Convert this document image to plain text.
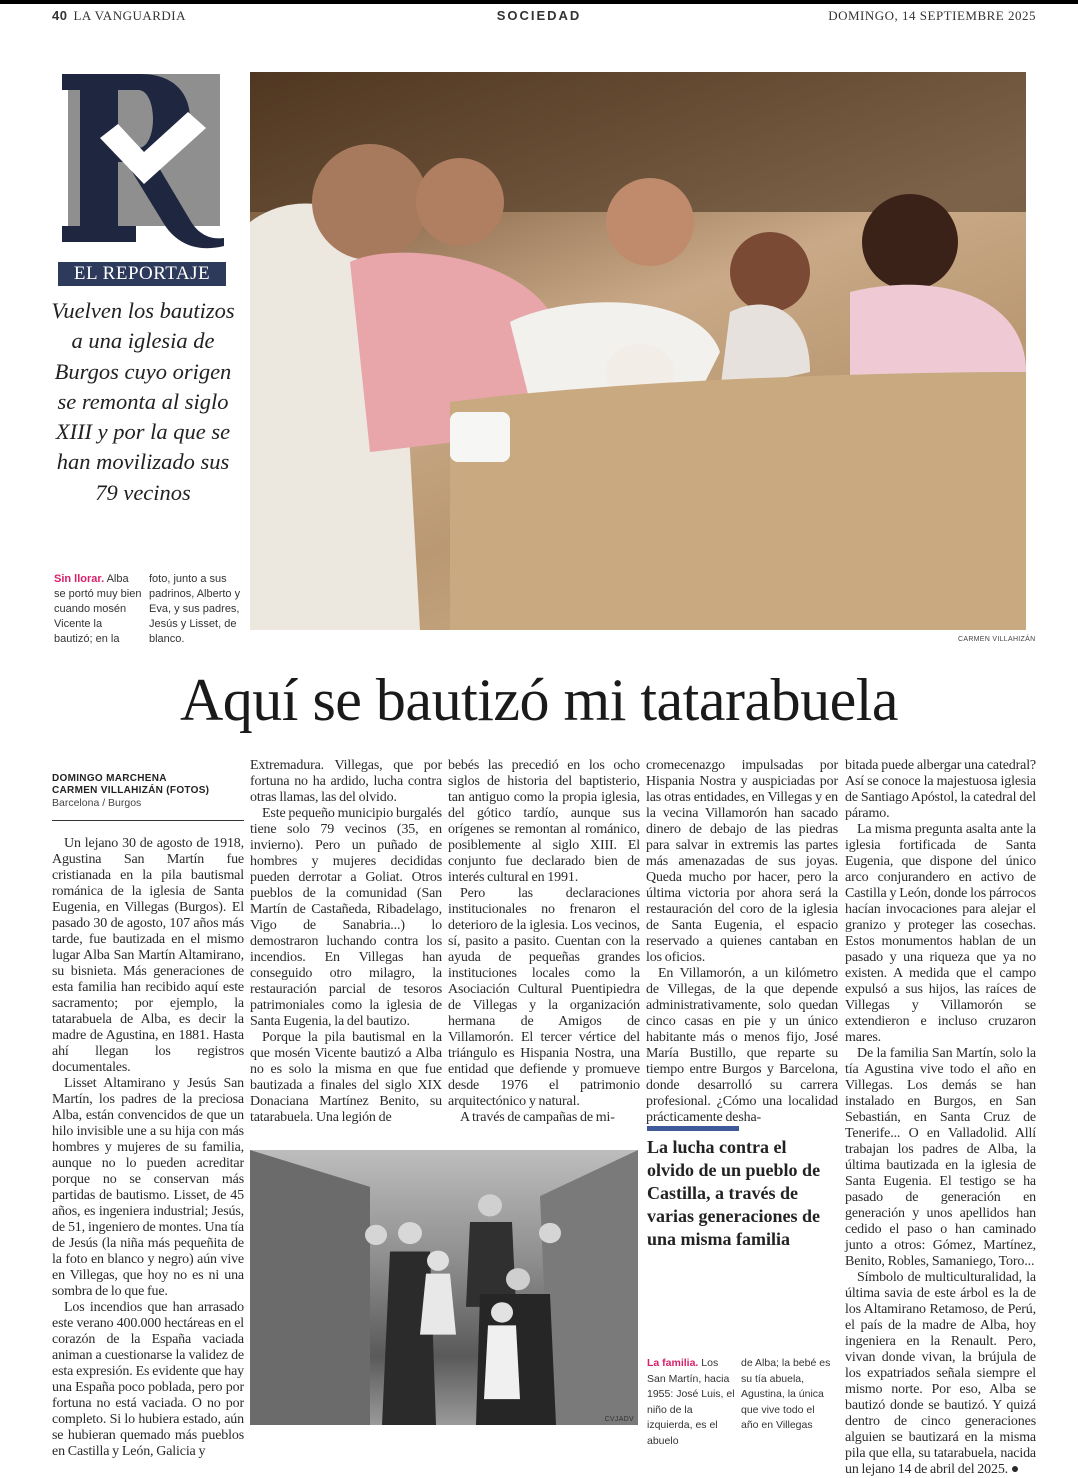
40 LA VANGUARDIA	SOCIEDAD	DOMINGO, 14 SEPTIEMBRE 2025
EL REPORTAJE
Vuelven los bautizos a una iglesia de Burgos cuyo origen se remonta al siglo XIII y por la que se han movilizado sus 79 vecinos
CARMEN VILLAHIZÁN
Sin llorar. Alba se portó muy bien cuando mosén Vicente la bautizó; en la
foto, junto a sus padrinos, Alberto y Eva, y sus padres, Jesús y Lisset, de blanco.
Aquí se bautizó mi tatarabuela
DOMINGO MARCHENA
CARMEN VILLAHIZÁN (FOTOS)
Barcelona / Burgos

Un lejano 30 de agosto de 1918, Agustina San Martín fue cristianada en la pila bautismal románica de la iglesia de Santa Eugenia, en Villegas (Burgos). El pasado 30 de agosto, 107 años más tarde, fue bautizada en el mismo lugar Alba San Martín Altamirano, su bisnieta. Más generaciones de esta familia han recibido aquí este sacramento; por ejemplo, la tatarabuela de Alba, es decir la madre de Agustina, en 1881. Hasta ahí llegan los registros documentales.

Lisset Altamirano y Jesús San Martín, los padres de la preciosa Alba, están convencidos de que un hilo invisible une a su hija con más hombres y mujeres de su familia, aunque no lo pueden acreditar porque no se conservan más partidas de bautismo. Lisset, de 45 años, es ingeniera industrial; Jesús, de 51, ingeniero de montes. Una tía de Jesús (la niña más pequeñita de la foto en blanco y negro) aún vive en Villegas, que hoy no es ni una sombra de lo que fue.

Los incendios que han arrasado este verano 400.000 hectáreas en el corazón de la España vaciada animan a cuestionarse la validez de esta expresión. Es evidente que hay una España poco poblada, pero por fortuna no está vaciada. O no por completo. Si lo hubiera estado, aún se hubieran quemado más pueblos en Castilla y León, Galicia y

Extremadura. Villegas, que por fortuna no ha ardido, lucha contra otras llamas, las del olvido.

Este pequeño municipio burgalés tiene solo 79 vecinos (35, en invierno). Pero un puñado de hombres y mujeres decididas pueden derrotar a Goliat. Otros pueblos de la comunidad (San Martín de Castañeda, Ribadelago, Vigo de Sanabria...) lo demostraron luchando contra los incendios. En Villegas han conseguido otro milagro, la restauración parcial de tesoros patrimoniales como la iglesia de Santa Eugenia, la del bautizo.

Porque la pila bautismal en la que mosén Vicente bautizó a Alba no es solo la misma en que fue bautizada a finales del siglo XIX Donaciana Martínez Benito, su tatarabuela. Una legión de

bebés las precedió en los ocho siglos de historia del baptisterio, tan antiguo como la propia iglesia, del gótico tardío, aunque sus orígenes se remontan al románico, posiblemente al siglo XIII. El conjunto fue declarado bien de interés cultural en 1991.

Pero las declaraciones institucionales no frenaron el deterioro de la iglesia. Los vecinos, sí, pasito a pasito. Cuentan con la ayuda de pequeñas grandes instituciones locales como la Asociación Cultural Puentipiedra de Villegas y la organización hermana de Amigos de Villamorón. El tercer vértice del triángulo es Hispania Nostra, una entidad que defiende y promueve desde 1976 el patrimonio arquitectónico y natural.

A través de campañas de mi-

cromecenazgo impulsadas por Hispania Nostra y auspiciadas por las otras entidades, en Villegas y en la vecina Villamorón han sacado dinero de debajo de las piedras para salvar in extremis las partes más amenazadas de sus joyas. Queda mucho por hacer, pero la última victoria por ahora será la restauración del coro de la iglesia de Santa Eugenia, el espacio reservado a quienes cantaban en los oficios.

En Villamorón, a un kilómetro de Villegas, de la que depende administrativamente, solo quedan cinco casas en pie y un único habitante más o menos fijo, José María Bustillo, que reparte su tiempo entre Burgos y Barcelona, donde desarrolló su carrera profesional. ¿Cómo una localidad prácticamente desha-

bitada puede albergar una catedral? Así se conoce la majestuosa iglesia de Santiago Apóstol, la catedral del páramo.

La misma pregunta asalta ante la iglesia fortificada de Santa Eugenia, que dispone del único arco conjurandero en activo de Castilla y León, donde los párrocos hacían invocaciones para alejar el granizo y proteger las cosechas. Estos monumentos hablan de un pasado y una riqueza que ya no existen. A medida que el campo expulsó a sus hijos, las raíces de Villegas y Villamorón se extendieron e incluso cruzaron mares.

De la familia San Martín, solo la tía Agustina vive todo el año en Villegas. Los demás se han instalado en Burgos, en San Sebastián, en Santa Cruz de Tenerife... O en Valladolid. Allí trabajan los padres de Alba, la última bautizada en la iglesia de Santa Eugenia. El testigo se ha pasado de generación en generación y unos apellidos han cedido el paso o han caminado junto a otros: Gómez, Martínez, Benito, Robles, Samaniego, Toro...

Símbolo de multiculturalidad, la última savia de este árbol es la de los Altamirano Retamoso, de Perú, el país de la madre de Alba, hoy ingeniera en la Renault. Pero, vivan donde vivan, la brújula de los expatriados señala siempre el mismo norte. Por eso, Alba se bautizó donde se bautizó. Y quizá dentro de cinco generaciones alguien se bautizará en la misma pila que ella, su tatarabuela, nacida un lejano 14 de abril del 2025. ●

CVJADV
La lucha contra el olvido de un pueblo de Castilla, a través de varias generaciones de una misma familia
La familia. Los San Martín, hacia 1955: José Luis, el niño de la izquierda, es el abuelo
de Alba; la bebé es su tía abuela, Agustina, la única que vive todo el año en Villegas
